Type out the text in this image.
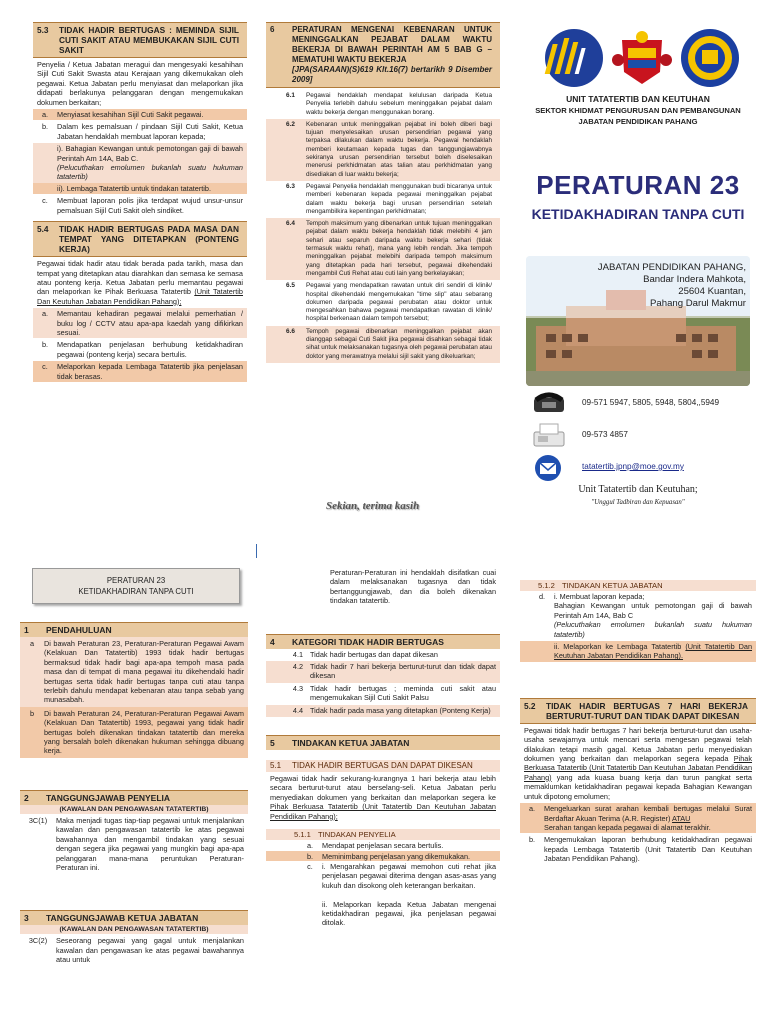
5.3 TIDAK HADIR BERTUGAS : MEMINDA SIJIL CUTI SAKIT ATAU MEMBUKAKAN SIJIL CUTI SAKIT
Penyelia / Ketua Jabatan meragui dan mengesyaki kesahihan Sijil Cuti Sakit Swasta atau Kerajaan yang dikemukakan oleh pegawai. Ketua Jabatan perlu menyiasat dan melaporkan jika didapati berlakunya pelanggaran dengan mengemukakan dokumen berkaitan;
a. Menyiasat kesahihan Sijil Cuti Sakit pegawai.
b. Dalam kes pemalsuan / pindaan Sijil Cuti Sakit, Ketua Jabatan hendaklah membuat laporan kepada;
i). Bahagian Kewangan untuk pemotongan gaji di bawah Perintah Am 14A, Bab C.
(Pelucuthakan emolumen bukanlah suatu hukuman tatatertib)
ii). Lembaga Tatatertib untuk tindakan tatatertib.
c. Membuat laporan polis jika terdapat wujud unsur-unsur pemalsuan Sijil Cuti Sakit oleh sindiket.
5.4 TIDAK HADIR BERTUGAS PADA MASA DAN TEMPAT YANG DITETAPKAN (PONTENG KERJA)
Pegawai tidak hadir atau tidak berada pada tarikh, masa dan tempat yang ditetapkan atau diarahkan dan semasa ke semasa atau ponteng kerja. Ketua Jabatan perlu memantau pegawai dan melaporkan ke Pihak Berkuasa Tatatertib (Unit Tatatertib Dan Keutuhan Jabatan Pendidikan Pahang);
a. Memantau kehadiran pegawai melalui pemerhatian / buku log / CCTV atau apa-apa kaedah yang difikirkan sesuai.
b. Mendapatkan penjelasan berhubung ketidakhadiran pegawai (ponteng kerja) secara bertulis.
c. Melaporkan kepada Lembaga Tatatertib jika penjelasan tidak berasas.
6 PERATURAN MENGENAI KEBENARAN UNTUK MENINGGALKAN PEJABAT DALAM WAKTU BEKERJA DI BAWAH PERINTAH AM 5 BAB G – MEMATUHI WAKTU BEKERJA
[JPA(SARAAN)(S)619 Klt.16(7) bertarikh 9 Disember 2009]
6.1 Pegawai hendaklah mendapat kelulusan daripada Ketua Penyelia terlebih dahulu sebelum meninggalkan pejabat dalam waktu bekerja dengan menggunakan borang.
6.2 Kebenaran untuk meninggalkan pejabat ini boleh diberi bagi tujuan menyelesaikan urusan persendirian pegawai yang terpaksa dilakukan dalam waktu bekerja. Pegawai hendaklah memberi keutamaan kepada tugas dan tanggungjawabnya sekiranya urusan persendirian tersebut boleh diselesaikan menerusi perkhidmatan atas talian atau perkhidmatan yang disediakan di luar waktu bekerja;
6.3 Pegawai Penyelia hendaklah menggunakan budi bicaranya untuk memberi kebenaran kepada pegawai meninggalkan pejabat dalam waktu bekerja bagi urusan persendirian setelah mengambilkira kepentingan perkhidmatan;
6.4 Tempoh maksimum yang dibenarkan untuk tujuan meninggalkan pejabat dalam waktu bekerja hendaklah tidak melebihi 4 jam sehari atau separuh daripada waktu bekerja sehari (tidak termasuk waktu rehat), mana yang lebih rendah. Jika tempoh meninggalkan pejabat melebihi daripada tempoh maksimum yang ditetapkan pada hari tersebut, pegawai dikehendaki mengambil Cuti Rehat atau cuti lain yang berkelayakan;
6.5 Pegawai yang mendapatkan rawatan untuk diri sendiri di klinik/ hospital dikehendaki mengemukakan "time slip" atau sebarang dokumen daripada pegawai perubatan atau doktor untuk mengesahkan bahawa pegawai mendapatkan rawatan di klinik/ hospital berkenaan dalam tempoh tersebut;
6.6 Tempoh pegawai dibenarkan meninggalkan pejabat akan dianggap sebagai Cuti Sakit jika pegawai disahkan sebagai tidak sihat untuk melaksanakan tugasnya oleh pegawai perubatan atau doktor yang merawatnya melalui sijil sakit yang dikeluarkan;
Sekian, terima kasih
UNIT TATATERTIB DAN KEUTUHAN
SEKTOR KHIDMAT PENGURUSAN DAN PEMBANGUNAN
JABATAN PENDIDIKAN PAHANG
PERATURAN 23
KETIDAKHADIRAN TANPA CUTI
JABATAN PENDIDIKAN PAHANG,
Bandar Indera Mahkota,
25604 Kuantan,
Pahang Darul Makmur
09-571 5947, 5805, 5948, 5804,,5949
09-573 4857
tatatertib.jpnp@moe.gov.my
Unit Tatatertib dan Keutuhan;
"Unggul Tadbiran dan Kepuasan"
PERATURAN 23
KETIDAKHADIRAN TANPA CUTI
1 PENDAHULUAN
a Di bawah Peraturan 23, Peraturan-Peraturan Pegawai Awam (Kelakuan Dan Tatatertib) 1993 tidak hadir bertugas bermaksud tidak hadir bagi apa-apa tempoh masa pada masa dan di tempat di mana pegawai itu dikehendaki hadir bertugas serta tidak hadir bertugas tanpa cuti atau tanpa terlebih dahulu mendapat kebenaran atau tanpa sebab yang munasabah.
b Di bawah Peraturan 24, Peraturan-Peraturan Pegawai Awam (Kelakuan Dan Tatatertib) 1993, pegawai yang tidak hadir bertugas boleh dikenakan tindakan tatatertib dan mereka yang bersalah boleh dikenakan hukuman sehingga dibuang kerja.
2 TANGGUNGJAWAB PENYELIA
(KAWALAN DAN PENGAWASAN TATATERTIB)
3C(1) Maka menjadi tugas tiap-tiap pegawai untuk menjalankan kawalan dan pengawasan tatatertib ke atas pegawai bawahannya dan mengambil tindakan yang sesuai dengan segera jika pegawai yang mungkin bagi apa-apa pelanggaran mana-mana peruntukan Peraturan-Peraturan ini.
3 TANGGUNGJAWAB KETUA JABATAN
(KAWALAN DAN PENGAWASAN TATATERTIB)
3C(2) Seseorang pegawai yang gagal untuk menjalankan kawalan dan pengawasan ke atas pegawai bawahannya atau untuk
Peraturan-Peraturan ini hendaklah disifatkan cuai dalam melaksanakan tugasnya dan tidak bertanggungjawab, dan dia boleh dikenakan tindakan tatatertib.
4 KATEGORI TIDAK HADIR BERTUGAS
4.1 Tidak hadir bertugas dan dapat dikesan
4.2 Tidak hadir 7 hari bekerja berturut-turut dan tidak dapat dikesan
4.3 Tidak hadir bertugas ; meminda cuti sakit atau mengemukakan Sijil Cuti Sakit Palsu
4.4 Tidak hadir pada masa yang ditetapkan (Ponteng Kerja)
5 TINDAKAN KETUA JABATAN
5.1 TIDAK HADIR BERTUGAS DAN DAPAT DIKESAN
Pegawai tidak hadir sekurang-kurangnya 1 hari bekerja atau lebih secara berturut-turut atau berselang-seli. Ketua Jabatan perlu menyediakan dokumen yang berkaitan dan melaporkan segera ke Pihak Berkuasa Tatatertib (Unit Tatatertib Dan Keutuhan Jabatan Pendidikan Pahang);
5.1.1 TINDAKAN PENYELIA
a. Mendapat penjelasan secara bertulis.
b. Meminimbang penjelasan yang dikemukakan.
c. i. Mengarahkan pegawai memohon cuti rehat jika penjelasan pegawai diterima dengan asas-asas yang kukuh dan disokong oleh keterangan berkaitan.

ii. Melaporkan kepada Ketua Jabatan mengenai ketidakhadiran pegawai, jika penjelasan pegawai ditolak.
5.1.2 TINDAKAN KETUA JABATAN
d. i. Membuat laporan kepada;
Bahagian Kewangan untuk pemotongan gaji di bawah Perintah Am 14A, Bab C
(Pelucuthakan emolumen bukanlah suatu hukuman tatatertib)
ii. Melaporkan ke Lembaga Tatatertib (Unit Tatatertib Dan Keutuhan Jabatan Pendidikan Pahang).
5.2 TIDAK HADIR BERTUGAS 7 HARI BEKERJA BERTURUT-TURUT DAN TIDAK DAPAT DIKESAN
Pegawai tidak hadir bertugas 7 hari bekerja berturut-turut dan usaha-usaha sewajarnya untuk mencari serta mengesan pegawai telah dilakukan tetapi masih gagal. Ketua Jabatan perlu menyediakan dokumen yang berkaitan dan melaporkan segera kepada Pihak Berkuasa Tatatertib (Unit Tatatertib Dan Keutuhan Jabatan Pendidikan Pahang) yang ada kuasa buang kerja dan turun pangkat serta memaklumkan ketidakhadiran pegawai kepada Bahagian Kewangan untuk dipotong emolumen;
a. Mengeluarkan surat arahan kembali bertugas melalui Surat Berdaftar Akuan Terima (A.R. Register) ATAU
Serahan tangan kepada pegawai di alamat terakhir.
b. Mengemukakan laporan berhubung ketidakhadiran pegawai kepada Lembaga Tatatertib (Unit Tatatertib Dan Keutuhan Jabatan Pendidikan Pahang).
